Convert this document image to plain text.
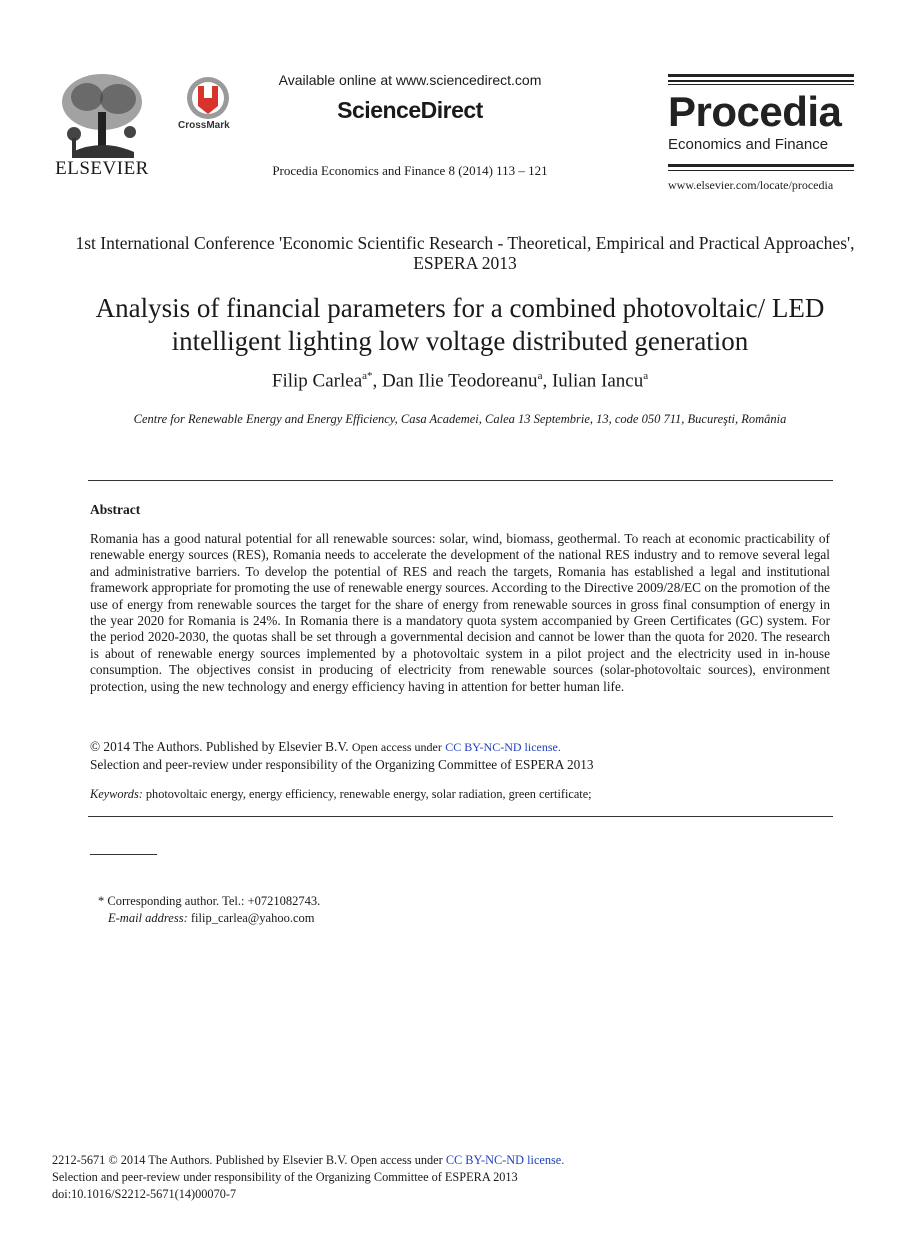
ELSEVIER
CrossMark
Available online at www.sciencedirect.com
ScienceDirect
Procedia Economics and Finance 8 (2014) 113 – 121
Procedia
Economics and Finance
www.elsevier.com/locate/procedia
1st International Conference 'Economic Scientific Research - Theoretical, Empirical and Practical Approaches', ESPERA 2013
Analysis of financial parameters for a combined photovoltaic/ LED
intelligent lighting low voltage distributed generation
Filip Carlea$^{a*}$, Dan Ilie Teodoreanu$^a$, Iulian Iancu$^a$
Centre for Renewable Energy and Energy Efficiency, Casa Academei, Calea 13 Septembrie, 13, code 050 711, Bucureşti, România
Abstract
Romania has a good natural potential for all renewable sources: solar, wind, biomass, geothermal. To reach at economic practicability of renewable energy sources (RES), Romania needs to accelerate the development of the national RES industry and to remove several legal and administrative barriers. To develop the potential of RES and reach the targets, Romania has established a legal and institutional framework appropriate for promoting the use of renewable energy sources. According to the Directive 2009/28/EC on the promotion of the use of energy from renewable sources the target for the share of energy from renewable sources in gross final consumption of energy in the year 2020 for Romania is 24%. In Romania there is a mandatory quota system accompanied by Green Certificates (GC) system. For the period 2020-2030, the quotas shall be set through a governmental decision and cannot be lower than the quota for 2020. The research is about of renewable energy sources implemented by a photovoltaic system in a pilot project and the electricity used in in-house consumption. The objectives consist in producing of electricity from renewable sources (solar-photovoltaic sources), environment protection, using the new technology and energy efficiency having in attention for better human life.
© 2014 The Authors. Published by Elsevier B.V. Open access under CC BY-NC-ND license.
Selection and peer-review under responsibility of the Organizing Committee of ESPERA 2013
Keywords: photovoltaic energy, energy efficiency, renewable energy, solar radiation, green certificate;
* Corresponding author. Tel.: +0721082743.
E-mail address: filip_carlea@yahoo.com
2212-5671 © 2014 The Authors. Published by Elsevier B.V. Open access under CC BY-NC-ND license.
Selection and peer-review under responsibility of the Organizing Committee of ESPERA 2013
doi:10.1016/S2212-5671(14)00070-7
